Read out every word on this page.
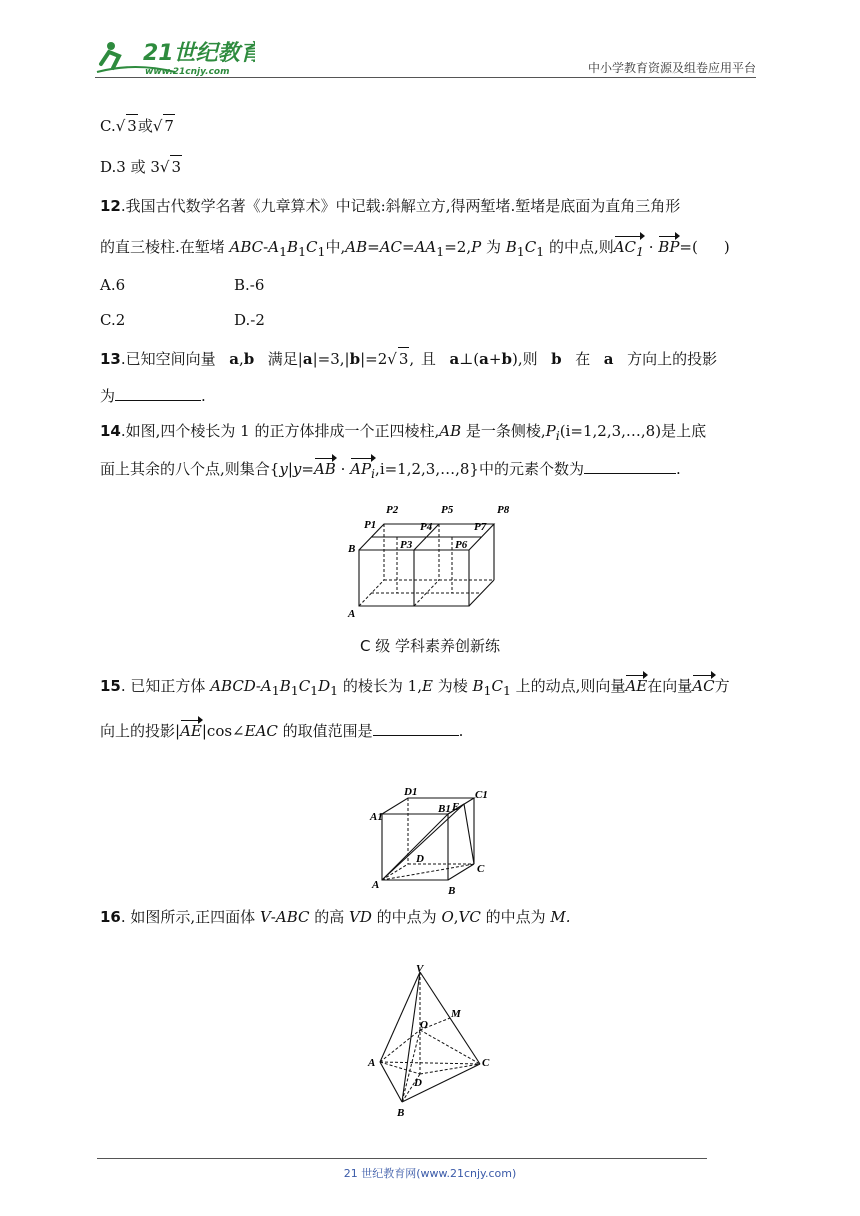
21世纪教育
www.21cnjy.com	中小学教育资源及组卷应用平台
C.√ 3或√ 7
D.3 或 3√ 3
12.我国古代数学名著《九章算术》中记载:斜解立方,得两堑堵.堑堵是底面为直角三角形
的直三棱柱.在堑堵 ABC-$A_1B_1C_1$中$,AB=AC=AA_1=2,P$ 为 $B_1C_1$ 的中点,则$AC_1 \cdot BP=$( )
A.6	B.-6
C.2	D.-2
13.已知空间向量 a,b 满足|a|=3,|b|=2√ 3, 且 a⊥(a+b),则 b 在 a 方向上的投影
为	.
14.如图,四个棱长为 1 的正方体排成一个正四棱柱,AB 是一条侧棱$,P_i(i=1,2,3,\dots,8)$是上底
面上其余的八个点,则集合$\{y|y=AB \cdot AP_i,i=1,2,3,\dots,8\}$中的元素个数为	.
P2	P5	P8
P1	P4	P7
B	P3	P6
A
C 级 学科素养创新练
15. 已知正方体 ABCD-$A_1B_1C_1D_1$ 的棱长为 1,E 为棱 $B_1C_1$ 上的动点,则向量AE在向量AC方
向上的投影|AE|cos∠EAC 的取值范围是	.
D1	C1
A1
B1 E
D
C
A	B
16. 如图所示,正四面体 V-ABC 的高 VD 的中点为 O,VC 的中点为 M.
V
M
O
A	C
D
B
21 世纪教育网(www.21cnjy.com)
